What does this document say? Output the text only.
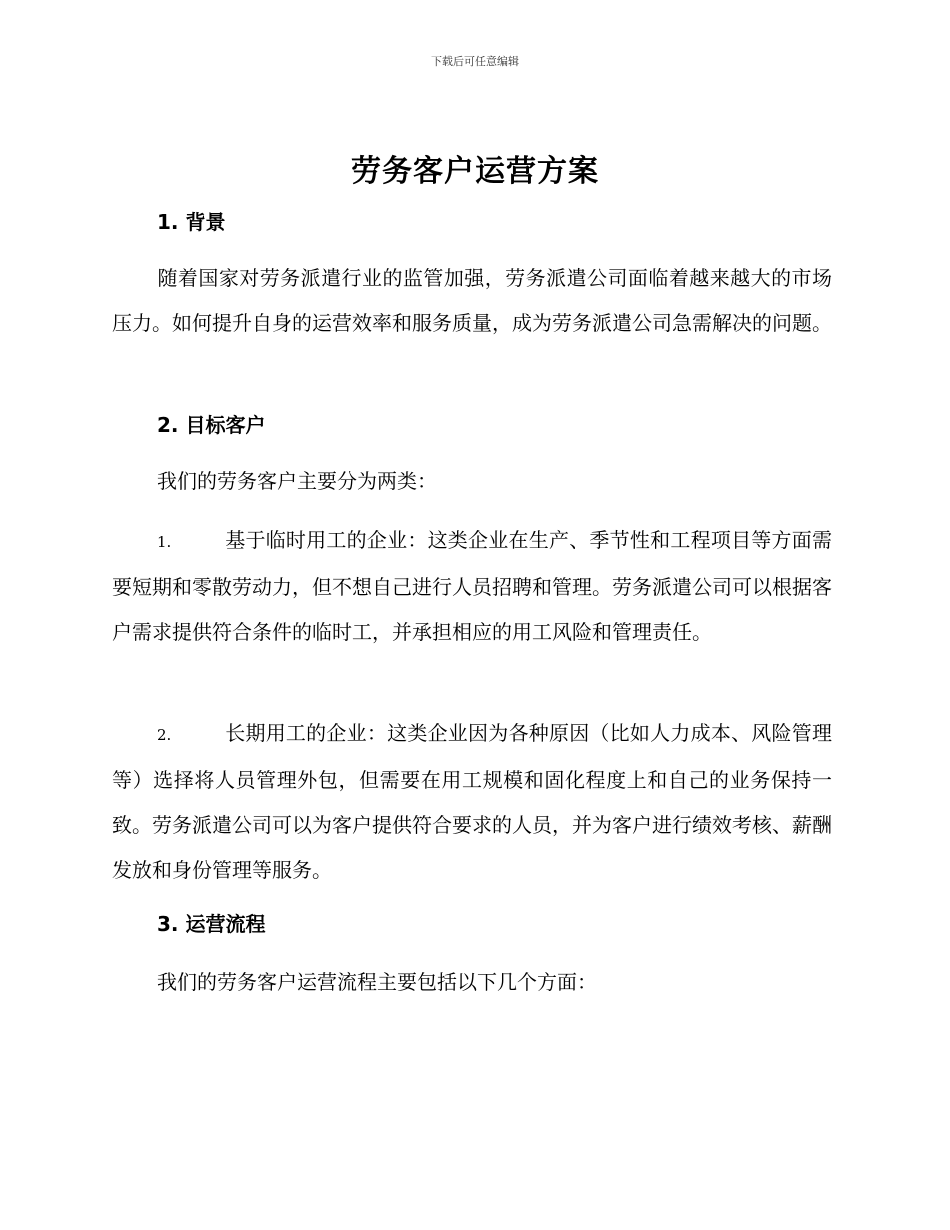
下载后可任意编辑
劳务客户运营方案
1. 背景
随着国家对劳务派遣行业的监管加强，劳务派遣公司面临着越来越大的市场压力。如何提升自身的运营效率和服务质量，成为劳务派遣公司急需解决的问题。
2. 目标客户
我们的劳务客户主要分为两类：
1.	基于临时用工的企业：这类企业在生产、季节性和工程项目等方面需要短期和零散劳动力，但不想自己进行人员招聘和管理。劳务派遣公司可以根据客户需求提供符合条件的临时工，并承担相应的用工风险和管理责任。
2.	长期用工的企业：这类企业因为各种原因（比如人力成本、风险管理等）选择将人员管理外包，但需要在用工规模和固化程度上和自己的业务保持一致。劳务派遣公司可以为客户提供符合要求的人员，并为客户进行绩效考核、薪酬发放和身份管理等服务。
3. 运营流程
我们的劳务客户运营流程主要包括以下几个方面：
